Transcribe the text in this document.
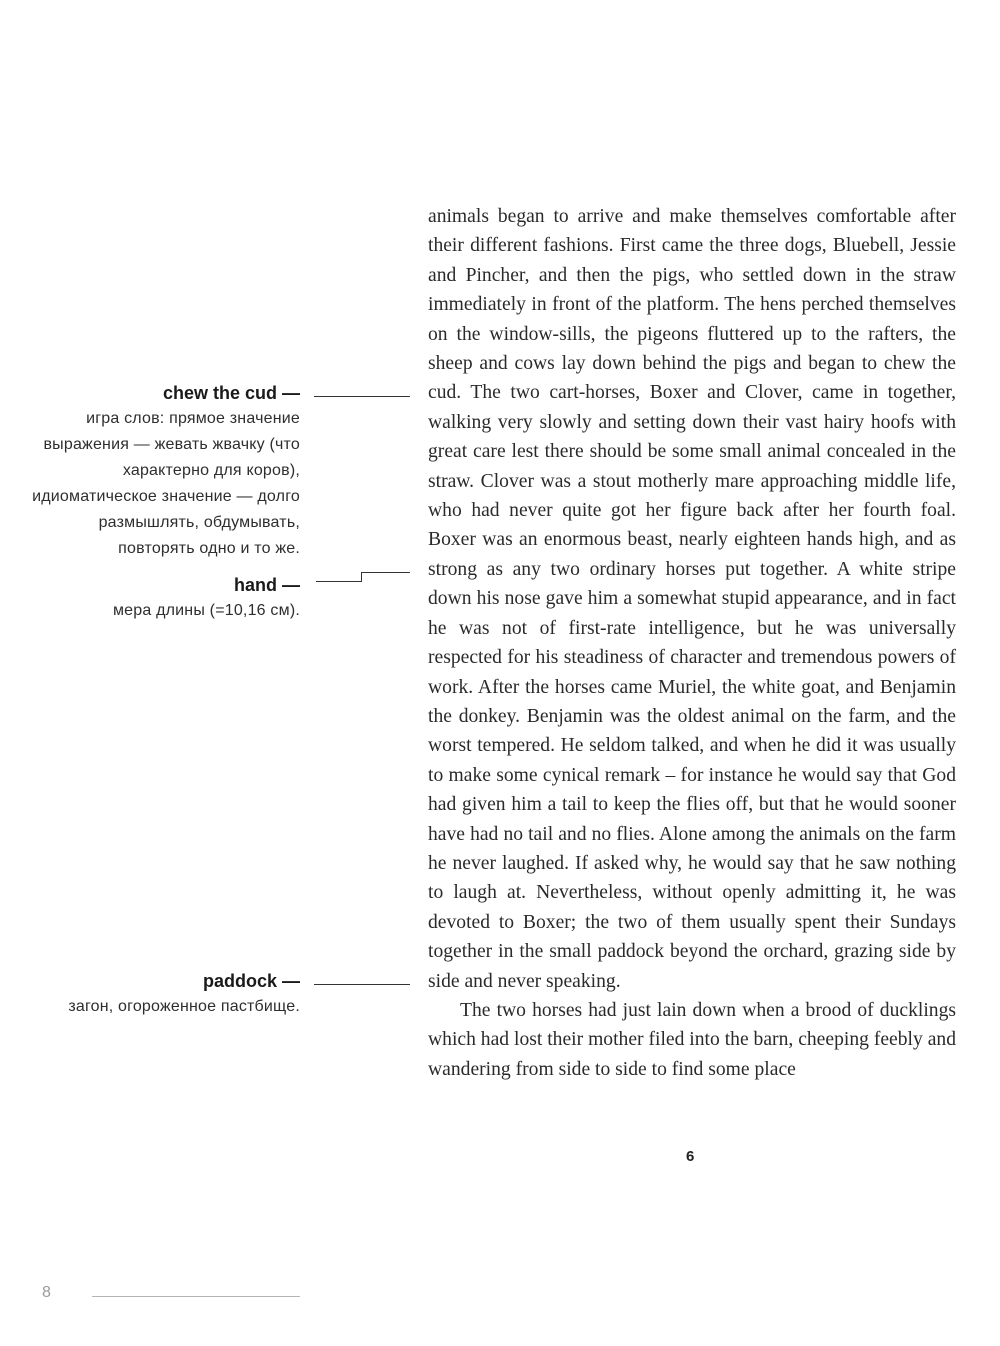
chew the cud —
игра слов: прямое значение выражения — жевать жвачку (что характерно для коров), идиоматическое значение — долго размышлять, обдумывать, повторять одно и то же.
hand —
мера длины (=10,16 см).
paddock —
загон, огороженное пастбище.

animals began to arrive and make themselves comfortable after their different fashions. First came the three dogs, Bluebell, Jessie and Pincher, and then the pigs, who settled down in the straw immediately in front of the platform. The hens perched themselves on the window-sills, the pigeons fluttered up to the rafters, the sheep and cows lay down behind the pigs and began to chew the cud. The two cart-horses, Boxer and Clover, came in together, walking very slowly and setting down their vast hairy hoofs with great care lest there should be some small animal concealed in the straw. Clover was a stout motherly mare approaching middle life, who had never quite got her figure back after her fourth foal. Boxer was an enormous beast, nearly eighteen hands high, and as strong as any two ordinary horses put together. A white stripe down his nose gave him a somewhat stupid appearance, and in fact he was not of first-rate intelligence, but he was universally respected for his steadiness of character and tremendous powers of work. After the horses came Muriel, the white goat, and Benjamin the donkey. Benjamin was the oldest animal on the farm, and the worst tempered. He seldom talked, and when he did it was usually to make some cynical remark – for instance he would say that God had given him a tail to keep the flies off, but that he would sooner have had no tail and no flies. Alone among the animals on the farm he never laughed. If asked why, he would say that he saw nothing to laugh at. Nevertheless, without openly admitting it, he was devoted to Boxer; the two of them usually spent their Sundays together in the small paddock beyond the orchard, grazing side by side and never speaking.

The two horses had just lain down when a brood of ducklings which had lost their mother filed into the barn, cheeping feebly and wandering from side to side to find some place

6
8
